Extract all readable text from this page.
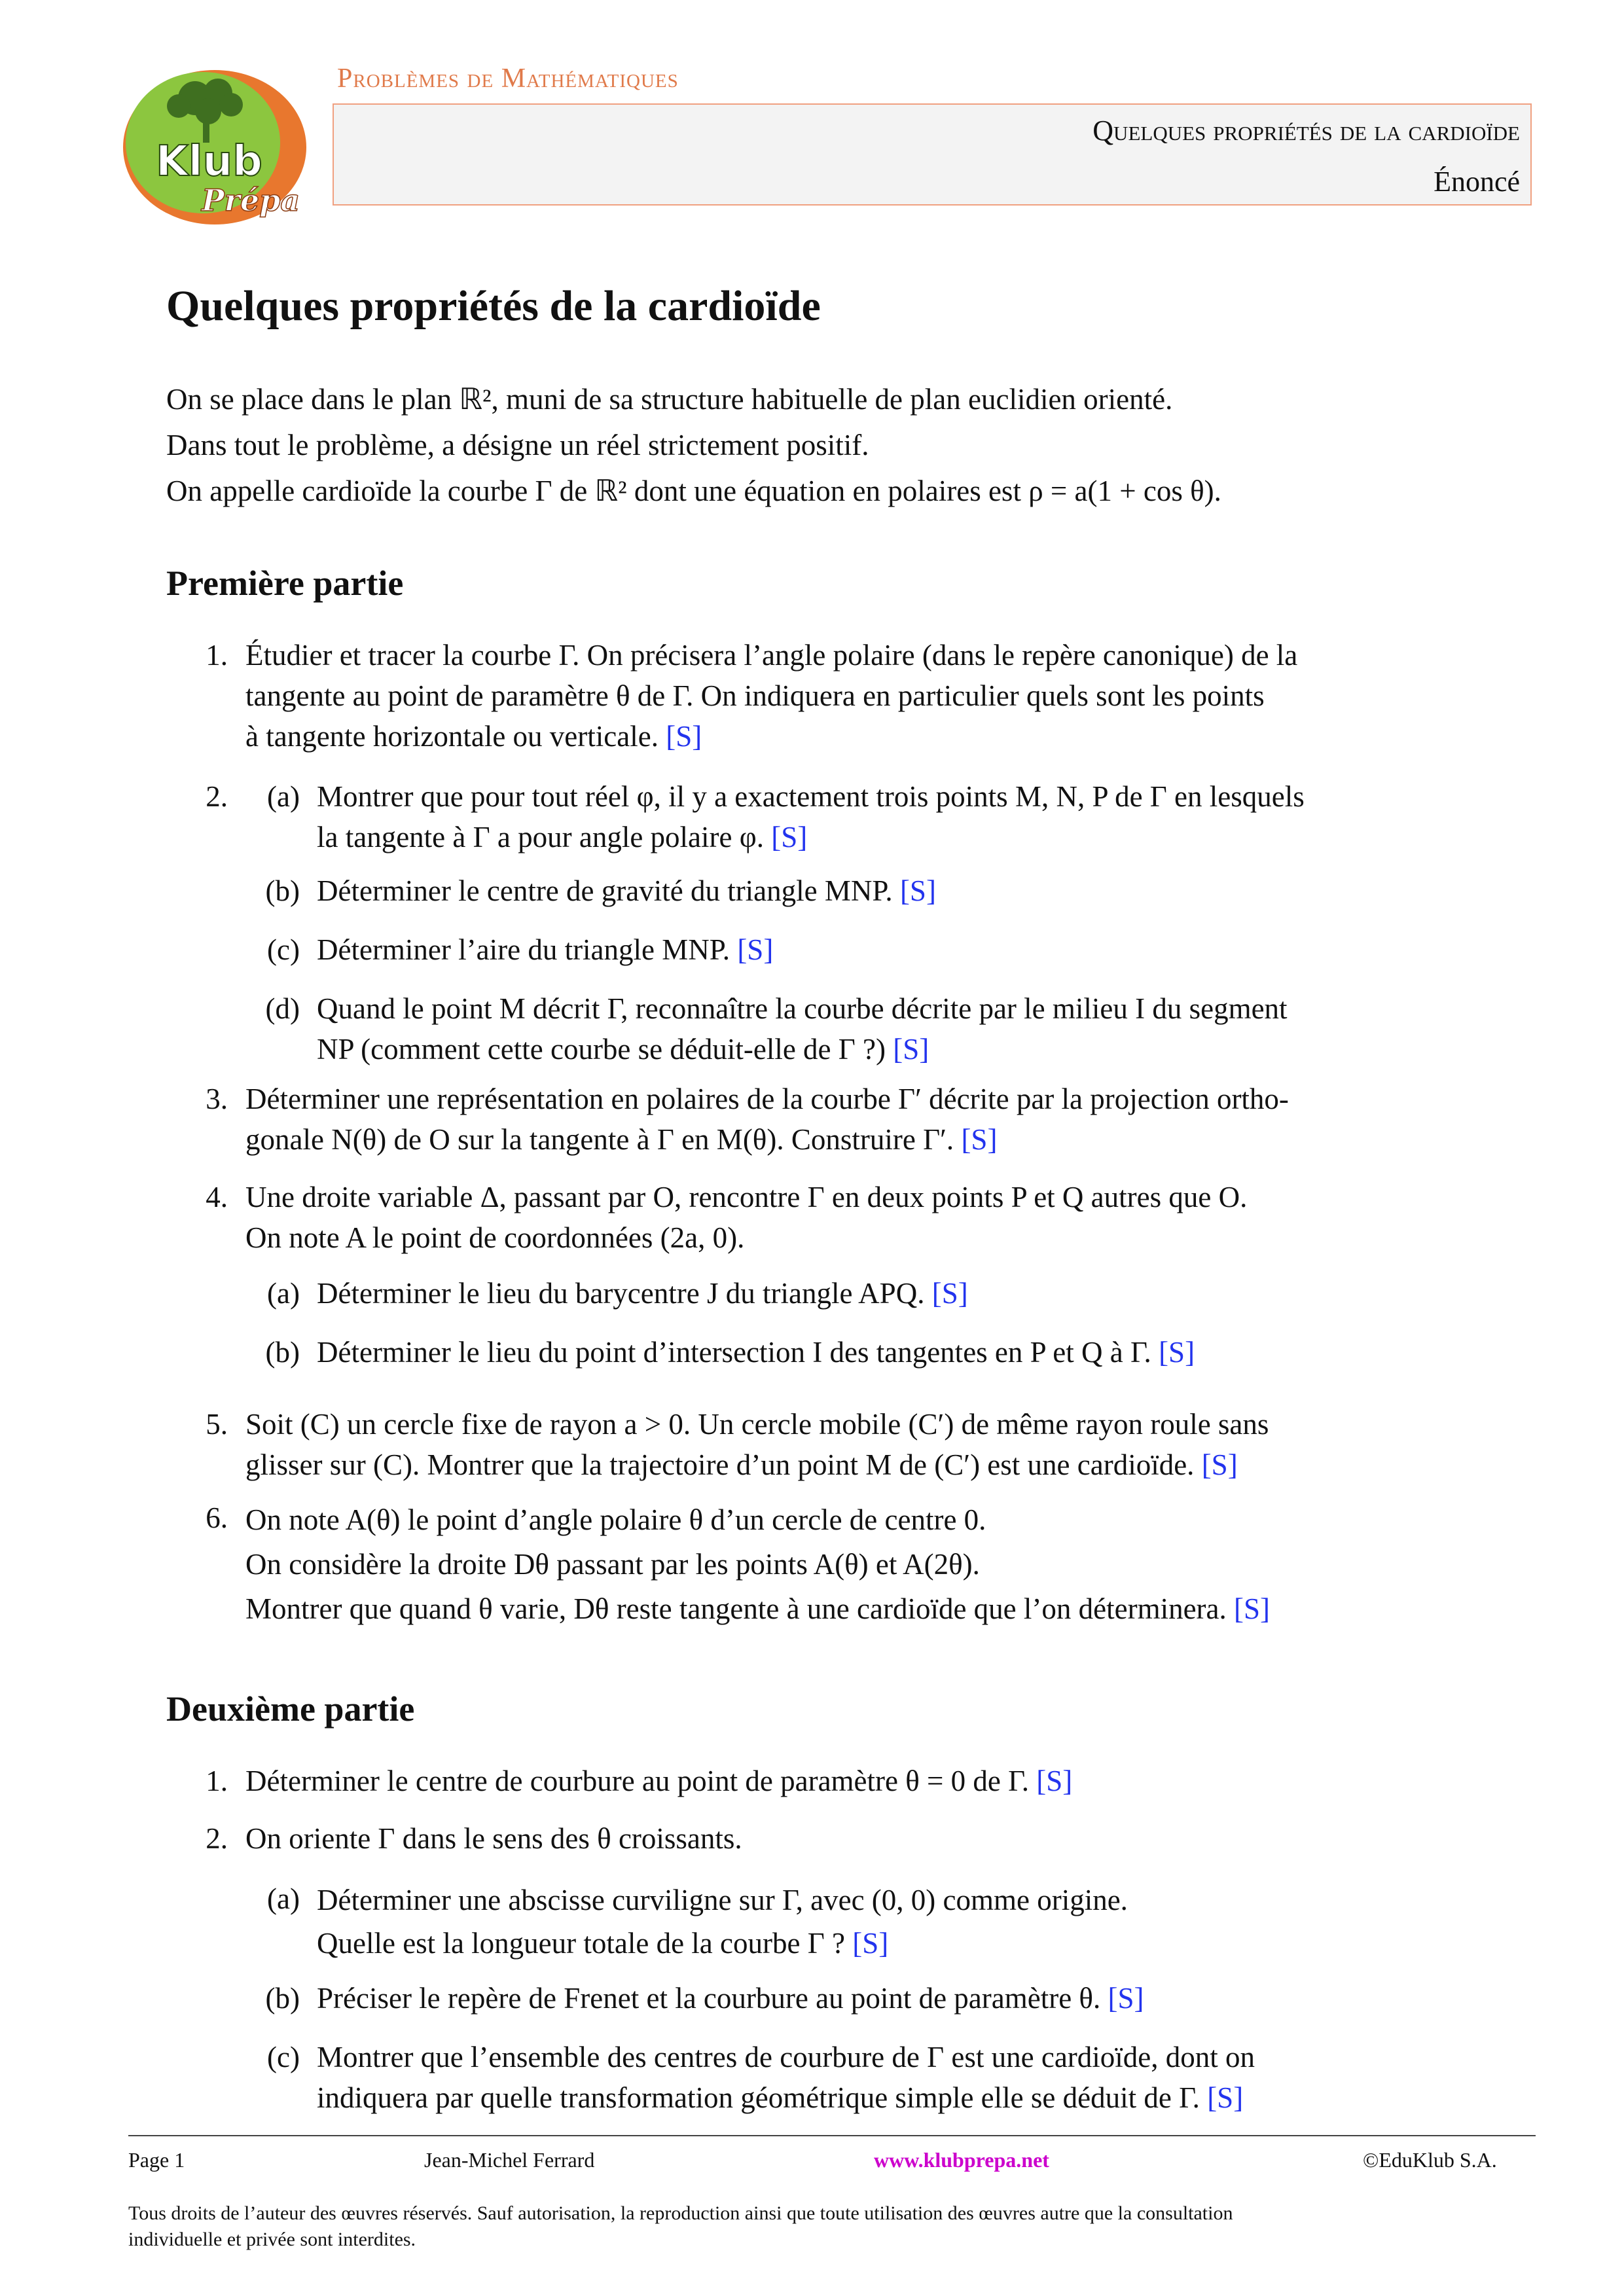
Klub
Prépa
Problèmes de Mathématiques
Quelques propriétés de la cardioïde
Énoncé
Quelques propriétés de la cardioïde
On se place dans le plan ℝ², muni de sa structure habituelle de plan euclidien orienté.
Dans tout le problème, a désigne un réel strictement positif.
On appelle cardioïde la courbe Γ de ℝ² dont une équation en polaires est ρ = a(1 + cos θ).
Première partie
1. Étudier et tracer la courbe Γ. On précisera l’angle polaire (dans le repère canonique) de la
tangente au point de paramètre θ de Γ. On indiquera en particulier quels sont les points
à tangente horizontale ou verticale. [S]
2.	(a) Montrer que pour tout réel φ, il y a exactement trois points M, N, P de Γ en lesquels
la tangente à Γ a pour angle polaire φ. [S]
(b) Déterminer le centre de gravité du triangle MNP. [S]
(c) Déterminer l’aire du triangle MNP. [S]
(d) Quand le point M décrit Γ, reconnaître la courbe décrite par le milieu I du segment
NP (comment cette courbe se déduit-elle de Γ ?) [S]
3. Déterminer une représentation en polaires de la courbe Γ′ décrite par la projection ortho-
gonale N(θ) de O sur la tangente à Γ en M(θ). Construire Γ′. [S]
4. Une droite variable Δ, passant par O, rencontre Γ en deux points P et Q autres que O.
On note A le point de coordonnées (2a, 0).
(a) Déterminer le lieu du barycentre J du triangle APQ. [S]
(b) Déterminer le lieu du point d’intersection I des tangentes en P et Q à Γ. [S]
5. Soit (C) un cercle fixe de rayon a > 0. Un cercle mobile (C′) de même rayon roule sans
glisser sur (C). Montrer que la trajectoire d’un point M de (C′) est une cardioïde. [S]
6. On note A(θ) le point d’angle polaire θ d’un cercle de centre 0.
On considère la droite Dθ passant par les points A(θ) et A(2θ).
Montrer que quand θ varie, Dθ reste tangente à une cardioïde que l’on déterminera. [S]
Deuxième partie
1. Déterminer le centre de courbure au point de paramètre θ = 0 de Γ. [S]
2. On oriente Γ dans le sens des θ croissants.
(a) Déterminer une abscisse curviligne sur Γ, avec (0, 0) comme origine.
Quelle est la longueur totale de la courbe Γ ? [S]
(b) Préciser le repère de Frenet et la courbure au point de paramètre θ. [S]
(c) Montrer que l’ensemble des centres de courbure de Γ est une cardioïde, dont on
indiquera par quelle transformation géométrique simple elle se déduit de Γ. [S]
Page 1	Jean-Michel Ferrard	www.klubprepa.net	©EduKlub S.A.
Tous droits de l’auteur des œuvres réservés. Sauf autorisation, la reproduction ainsi que toute utilisation des œuvres autre que la consultation
individuelle et privée sont interdites.
